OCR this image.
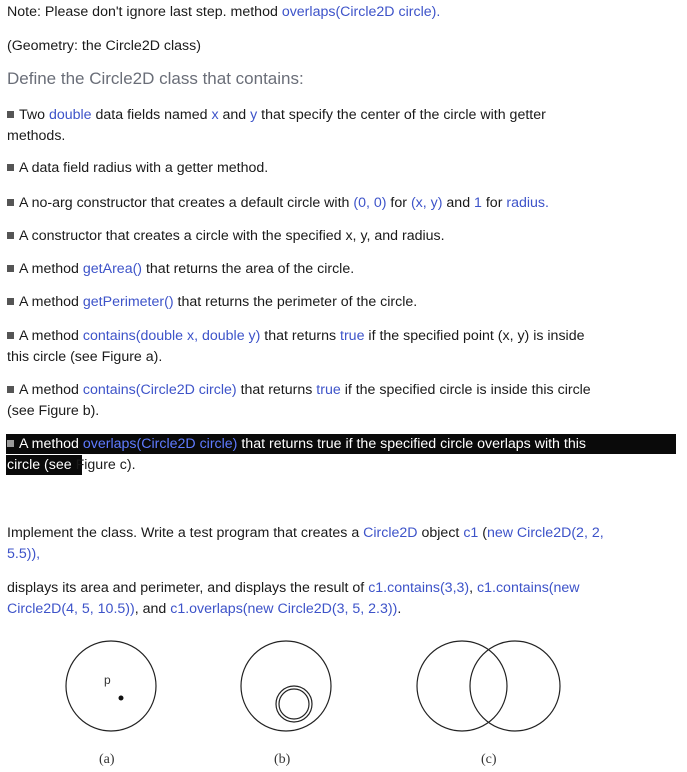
Note: Please don't ignore last step. method overlaps(Circle2D circle).
(Geometry: the Circle2D class)
Define the Circle2D class that contains:
Two double data fields named x and y that specify the center of the circle with getter
methods.
A data field radius with a getter method.
A no-arg constructor that creates a default circle with (0, 0) for (x, y) and 1 for radius.
A constructor that creates a circle with the specified x, y, and radius.
A method getArea() that returns the area of the circle.
A method getPerimeter() that returns the perimeter of the circle.
A method contains(double x, double y) that returns true if the specified point (x, y) is inside
this circle (see Figure a).
A method contains(Circle2D circle) that returns true if the specified circle is inside this circle
(see Figure b).
A method overlaps(Circle2D circle) that returns true if the specified circle overlaps with this
circle (see Figure c).
Implement the class. Write a test program that creates a Circle2D object c1 (new Circle2D(2, 2,
5.5)),
displays its area and perimeter, and displays the result of c1.contains(3,3), c1.contains(new
Circle2D(4, 5, 10.5)), and c1.overlaps(new Circle2D(3, 5, 2.3)).
p
(a)	(b)	(c)
